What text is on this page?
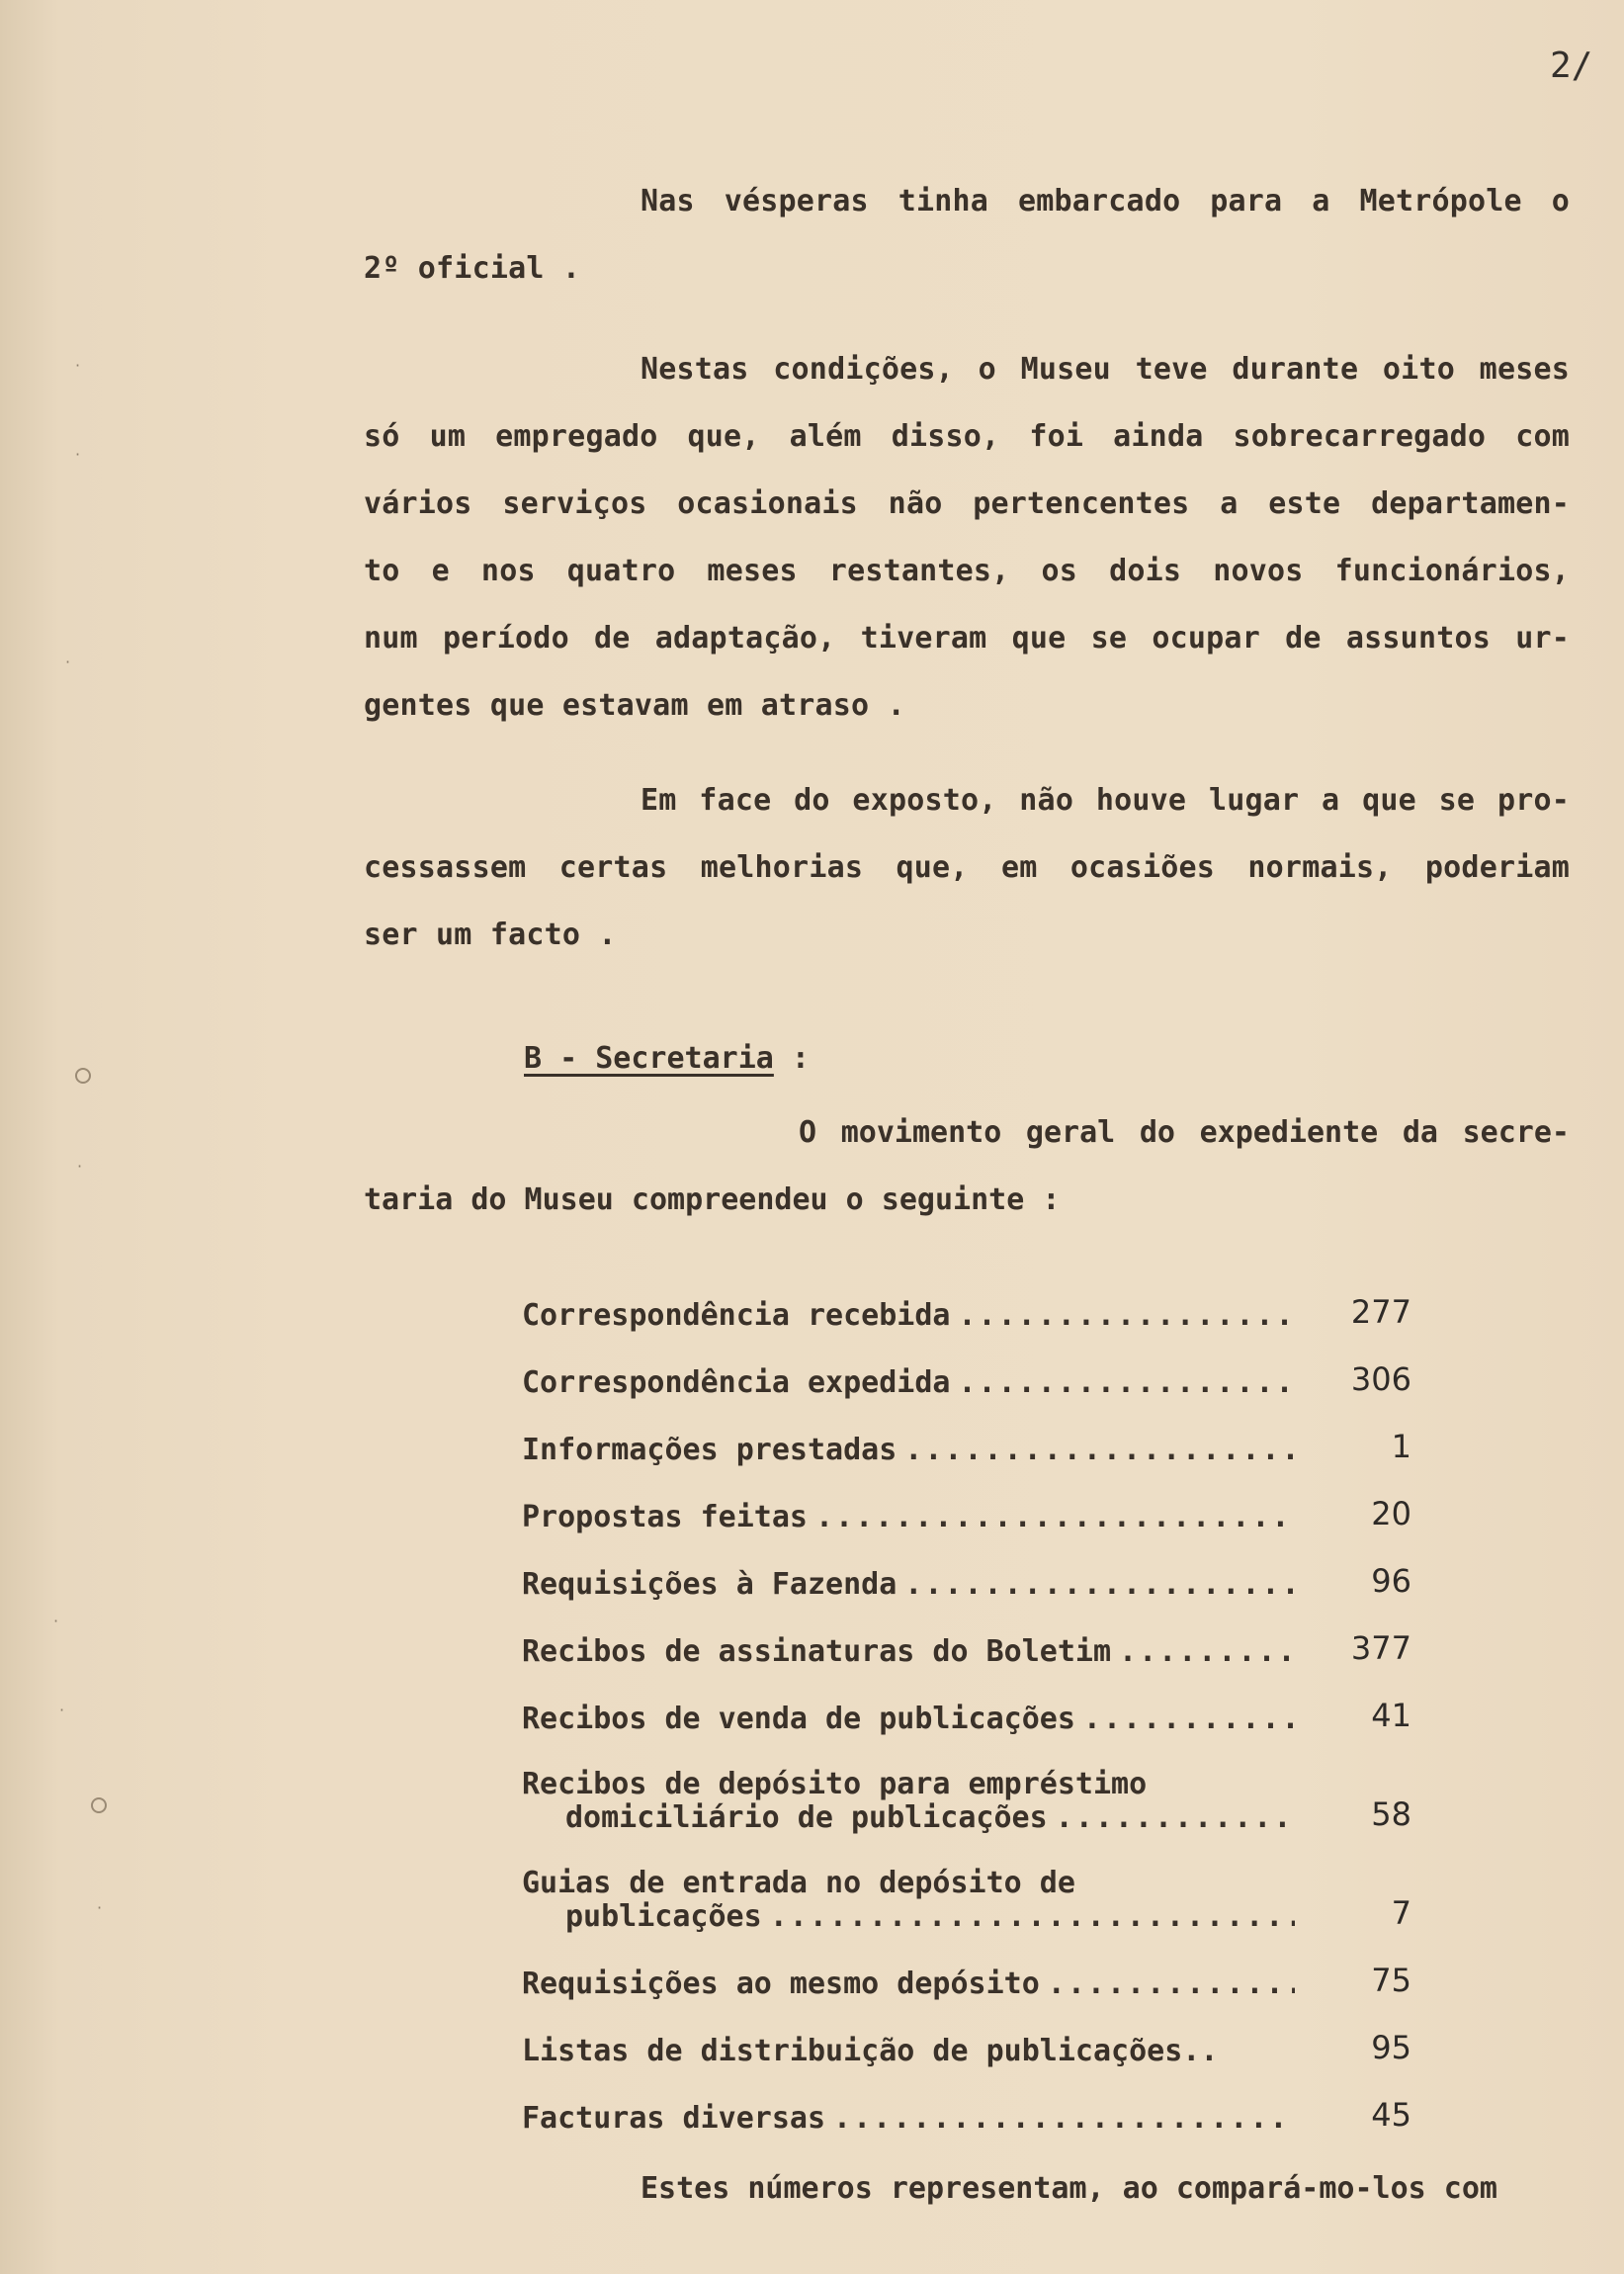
2/

Nas vésperas tinha embarcado para a Metrópole o
2º oficial .

Nestas condições, o Museu teve durante oito meses
só um empregado que, além disso, foi ainda sobrecarregado com
vários serviços ocasionais não pertencentes a este departamen-
to e nos quatro meses restantes, os dois novos funcionários,
num período de adaptação, tiveram que se ocupar de assuntos ur-
gentes que estavam em atraso .

Em face do exposto, não houve lugar a que se pro-
cessassem certas melhorias que, em ocasiões normais, poderiam
ser um facto .

B - Secretaria :
O movimento geral do expediente da secre-
taria do Museu compreendeu o seguinte :
Correspondência recebida .....	277
Correspondência expedida .....	306
Informações prestadas .....	1
Propostas feitas .....	20
Requisições à Fazenda .....	96
Recibos de assinaturas do Boletim .....	377
Recibos de venda de publicações .....	41
Recibos de depósito para empréstimo
domiciliário de publicações .....	58
Guias de entrada no depósito de
publicações .....	7
Requisições ao mesmo depósito .....	75
Listas de distribuição de publicações..	95
Facturas diversas .....	45
Estes números representam, ao compará-mo-los com
·
·
·
·
·
·
·
